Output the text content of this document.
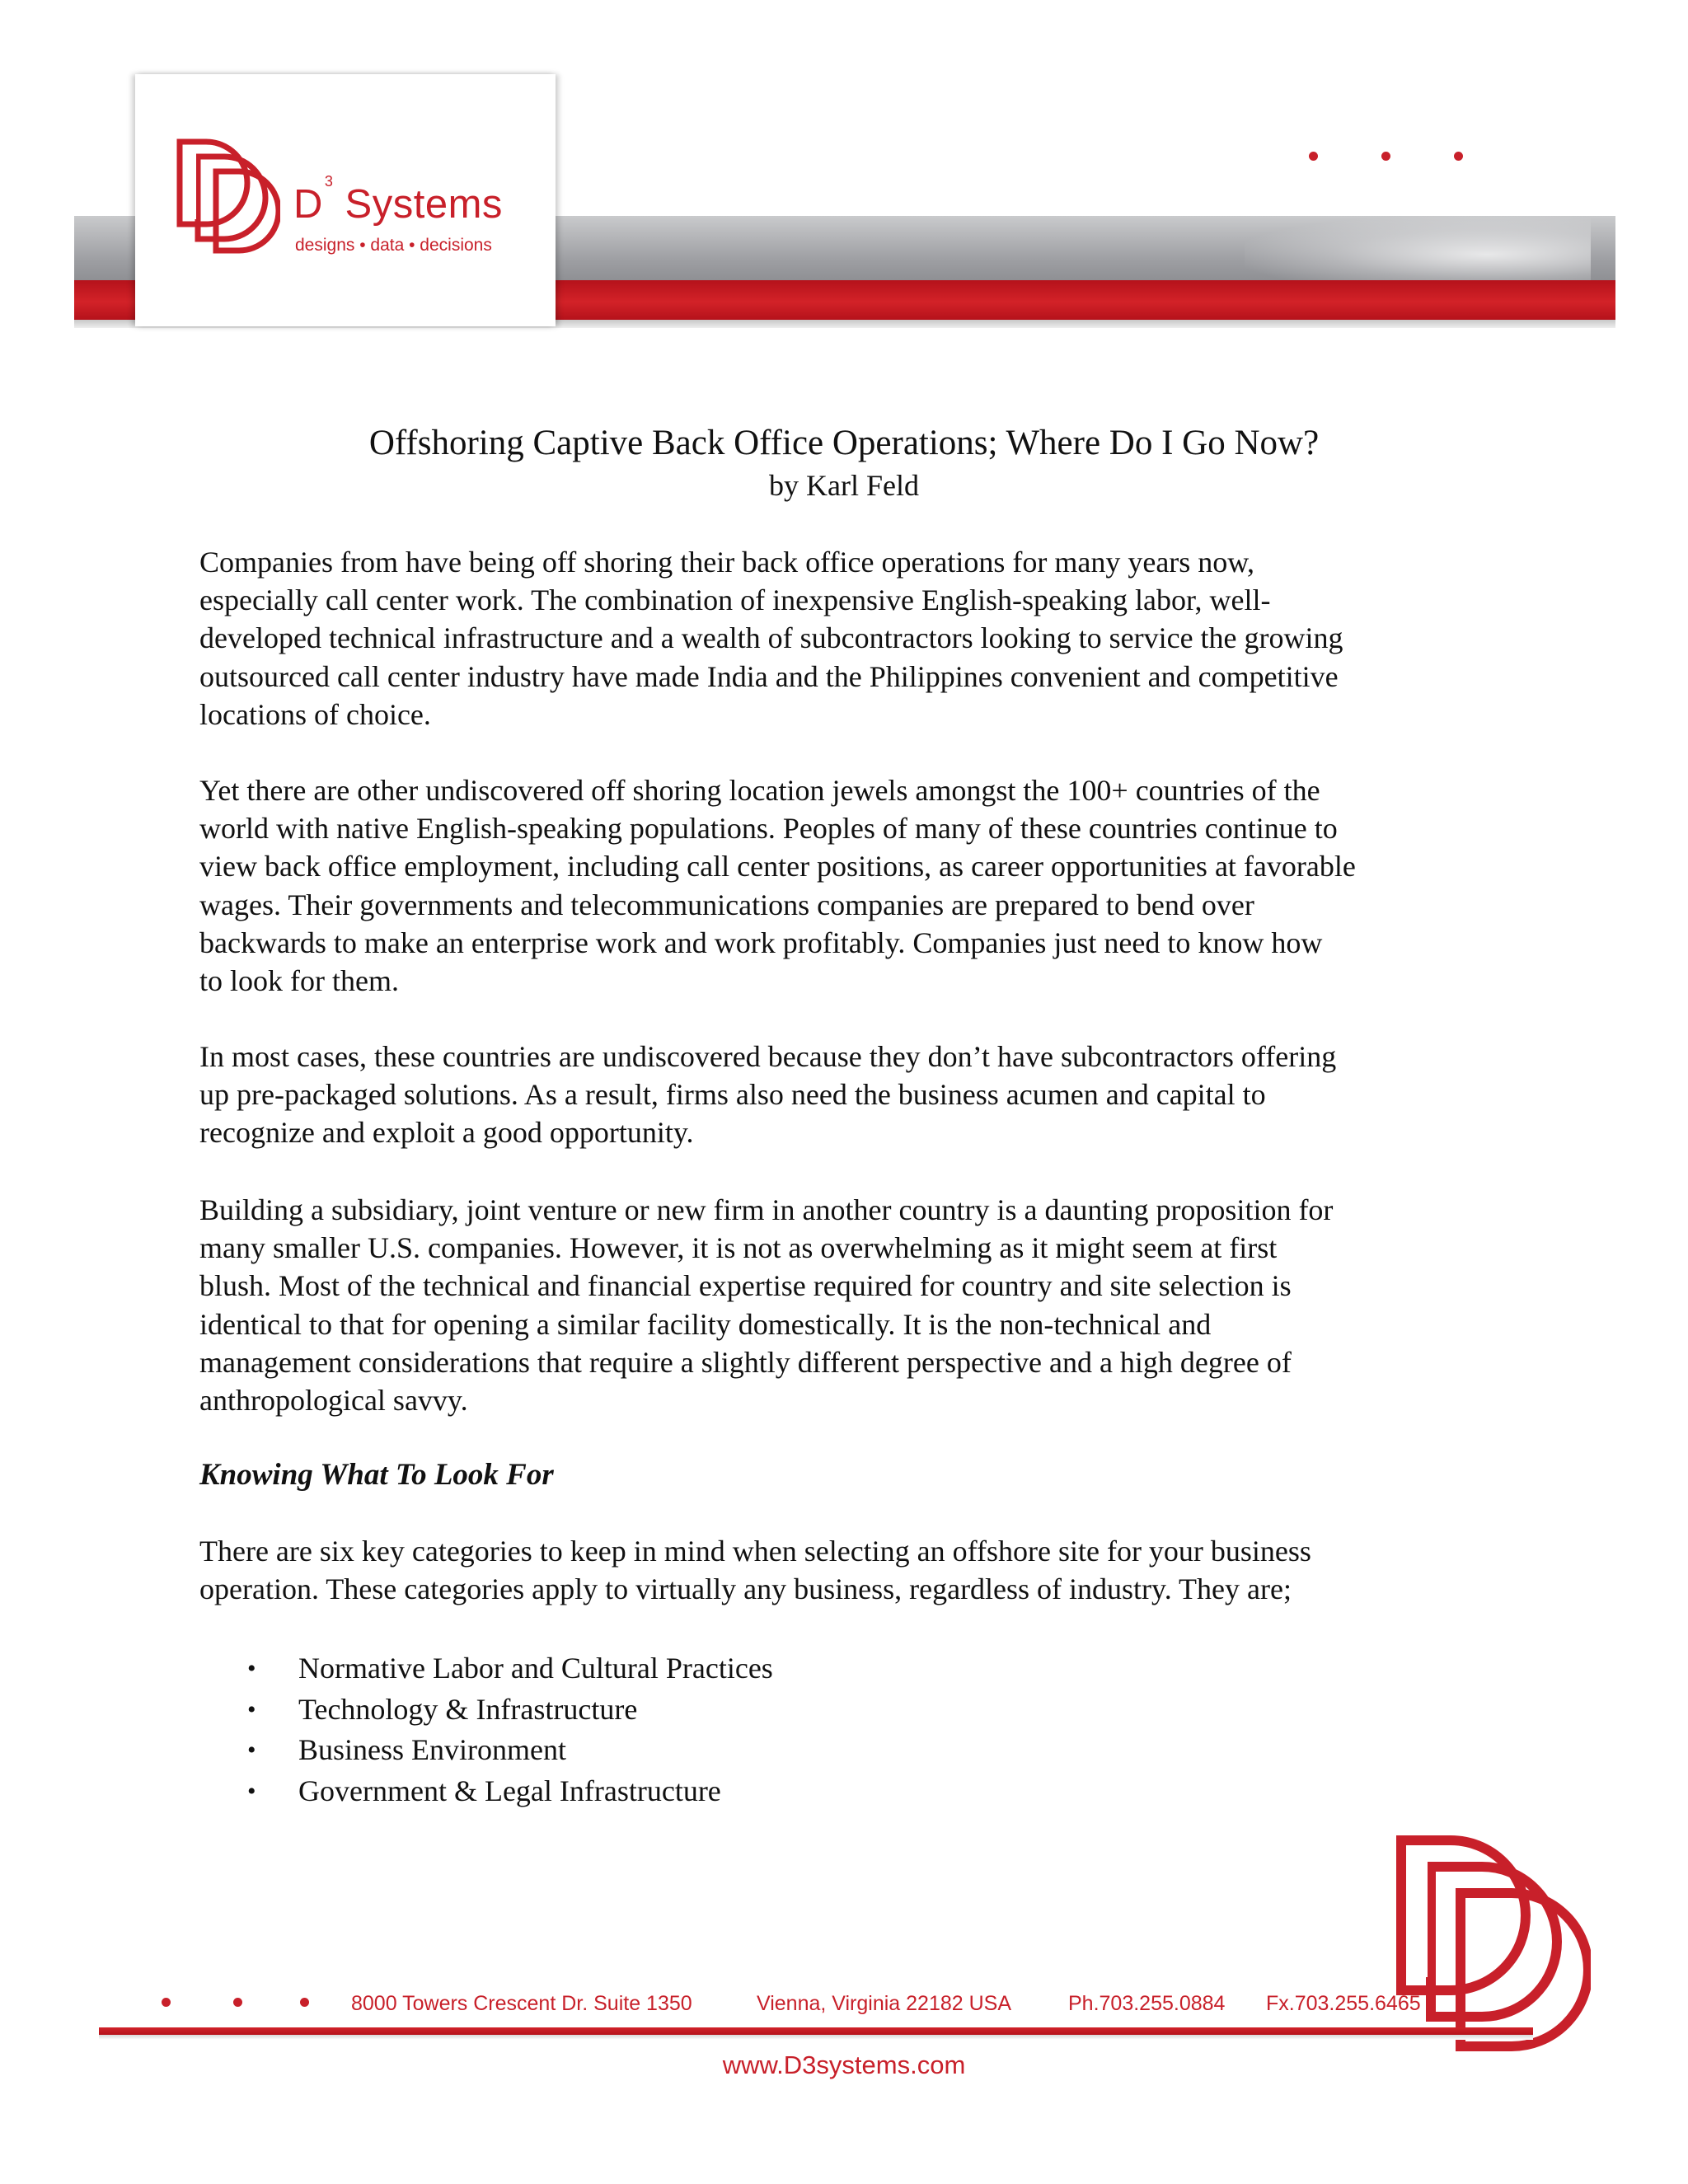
$D^3$ Systems
designs • data • decisions
Offshoring Captive Back Office Operations; Where Do I Go Now?
by Karl Feld

Companies from have being off shoring their back office operations for many years now,
especially call center work. The combination of inexpensive English-speaking labor, well-
developed technical infrastructure and a wealth of subcontractors looking to service the growing
outsourced call center industry have made India and the Philippines convenient and competitive
locations of choice.

Yet there are other undiscovered off shoring location jewels amongst the 100+ countries of the
world with native English-speaking populations. Peoples of many of these countries continue to
view back office employment, including call center positions, as career opportunities at favorable
wages. Their governments and telecommunications companies are prepared to bend over
backwards to make an enterprise work and work profitably. Companies just need to know how
to look for them.

In most cases, these countries are undiscovered because they don’t have subcontractors offering
up pre-packaged solutions. As a result, firms also need the business acumen and capital to
recognize and exploit a good opportunity.

Building a subsidiary, joint venture or new firm in another country is a daunting proposition for
many smaller U.S. companies. However, it is not as overwhelming as it might seem at first
blush. Most of the technical and financial expertise required for country and site selection is
identical to that for opening a similar facility domestically. It is the non-technical and
management considerations that require a slightly different perspective and a high degree of
anthropological savvy.

Knowing What To Look For

There are six key categories to keep in mind when selecting an offshore site for your business
operation. These categories apply to virtually any business, regardless of industry. They are;

• Normative Labor and Cultural Practices
• Technology & Infrastructure
• Business Environment
• Government & Legal Infrastructure
8000 Towers Crescent Dr. Suite 1350	Vienna, Virginia 22182 USA	Ph.703.255.0884 Fx.703.255.6465
www.D3systems.com
